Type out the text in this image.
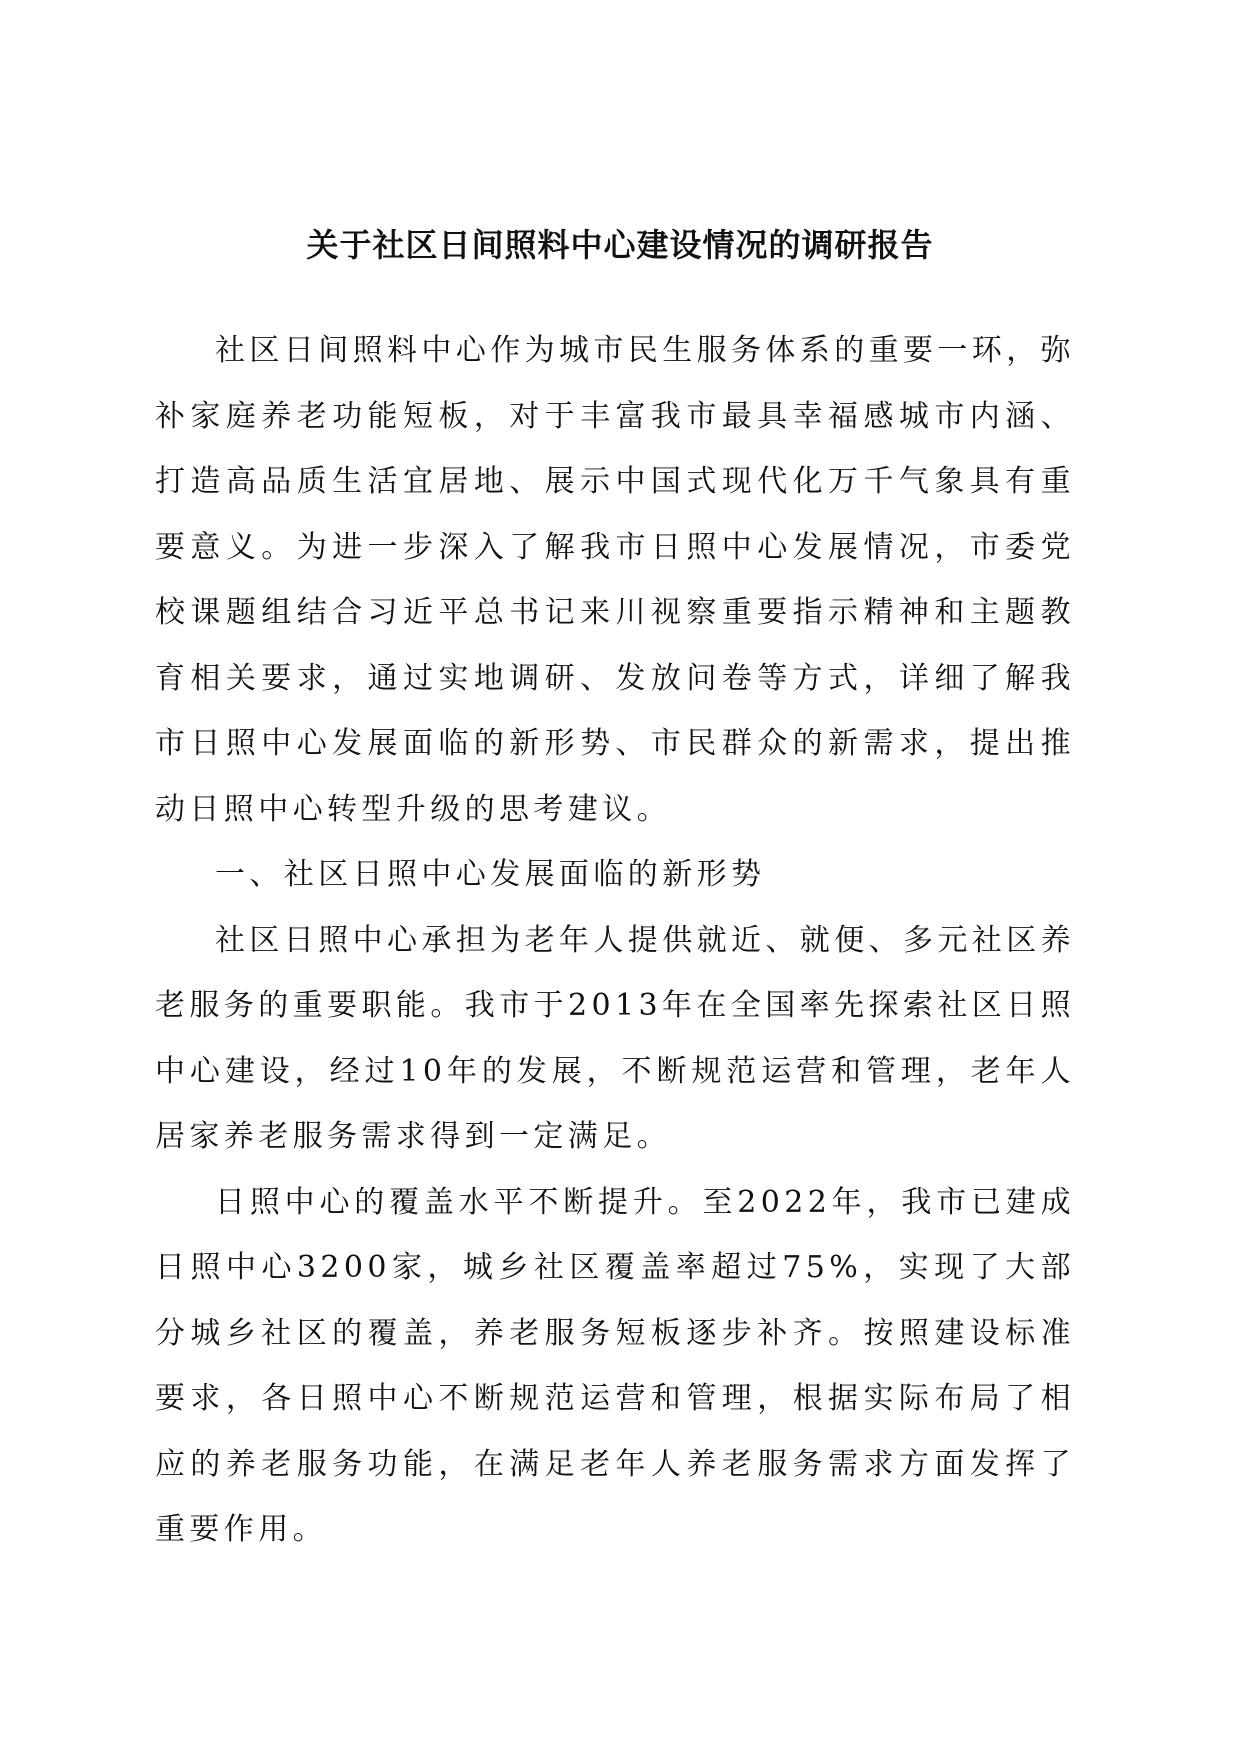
关于社区日间照料中心建设情况的调研报告

社区日间照料中心作为城市民生服务体系的重要一环，弥补家庭养老功能短板，对于丰富我市最具幸福感城市内涵、打造高品质生活宜居地、展示中国式现代化万千气象具有重要意义。为进一步深入了解我市日照中心发展情况，市委党校课题组结合习近平总书记来川视察重要指示精神和主题教育相关要求，通过实地调研、发放问卷等方式，详细了解我市日照中心发展面临的新形势、市民群众的新需求，提出推动日照中心转型升级的思考建议。

一、社区日照中心发展面临的新形势

社区日照中心承担为老年人提供就近、就便、多元社区养老服务的重要职能。我市于2013年在全国率先探索社区日照中心建设，经过10年的发展，不断规范运营和管理，老年人居家养老服务需求得到一定满足。

日照中心的覆盖水平不断提升。至2022年，我市已建成日照中心3200家，城乡社区覆盖率超过75%，实现了大部分城乡社区的覆盖，养老服务短板逐步补齐。按照建设标准要求，各日照中心不断规范运营和管理，根据实际布局了相应的养老服务功能，在满足老年人养老服务需求方面发挥了重要作用。
